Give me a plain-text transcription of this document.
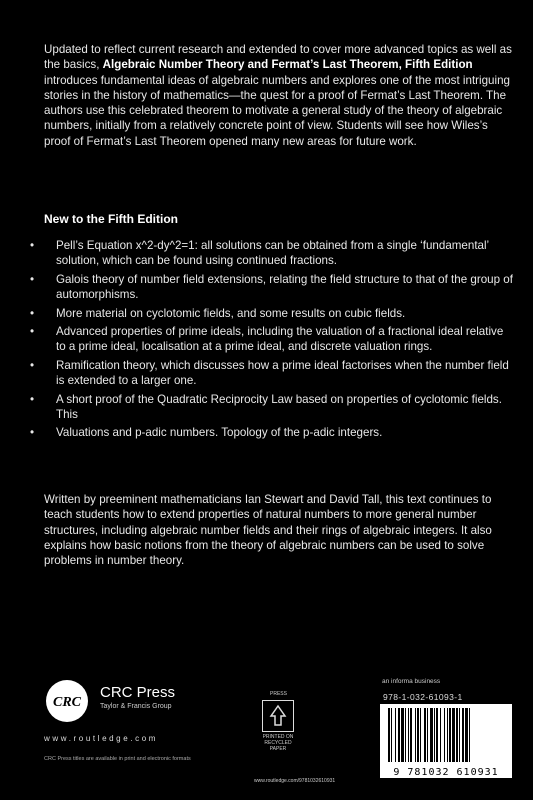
Updated to reflect current research and extended to cover more advanced topics as well as the basics, Algebraic Number Theory and Fermat’s Last Theorem, Fifth Edition introduces fundamental ideas of algebraic numbers and explores one of the most intriguing stories in the history of mathematics—the quest for a proof of Fermat’s Last Theorem. The authors use this celebrated theorem to motivate a general study of the theory of algebraic numbers, initially from a relatively concrete point of view. Students will see how Wiles’s proof of Fermat’s Last Theorem opened many new areas for future work.

New to the Fifth Edition

• Pell’s Equation x^2-dy^2=1: all solutions can be obtained from a single ‘fundamental’ solution, which can be found using continued fractions.
• Galois theory of number field extensions, relating the field structure to that of the group of automorphisms.
• More material on cyclotomic fields, and some results on cubic fields.
• Advanced properties of prime ideals, including the valuation of a fractional ideal relative to a prime ideal, localisation at a prime ideal, and discrete valuation rings.
• Ramification theory, which discusses how a prime ideal factorises when the number field is extended to a larger one.
• A short proof of the Quadratic Reciprocity Law based on properties of cyclotomic fields. This
• Valuations and p-adic numbers. Topology of the p-adic integers.

Written by preeminent mathematicians Ian Stewart and David Tall, this text continues to teach students how to extend properties of natural numbers to more general number structures, including algebraic number fields and their rings of algebraic integers. It also explains how basic notions from the theory of algebraic numbers can be used to solve problems in number theory.

CRC
CRC Press
Taylor & Francis Group
www.routledge.com
CRC Press titles are available in print and electronic formats
PRESS
PRINTED ON RECYCLED PAPER
www.routledge.com/9781032610931
an informa business
978-1-032-61093-1
9 781032 610931
